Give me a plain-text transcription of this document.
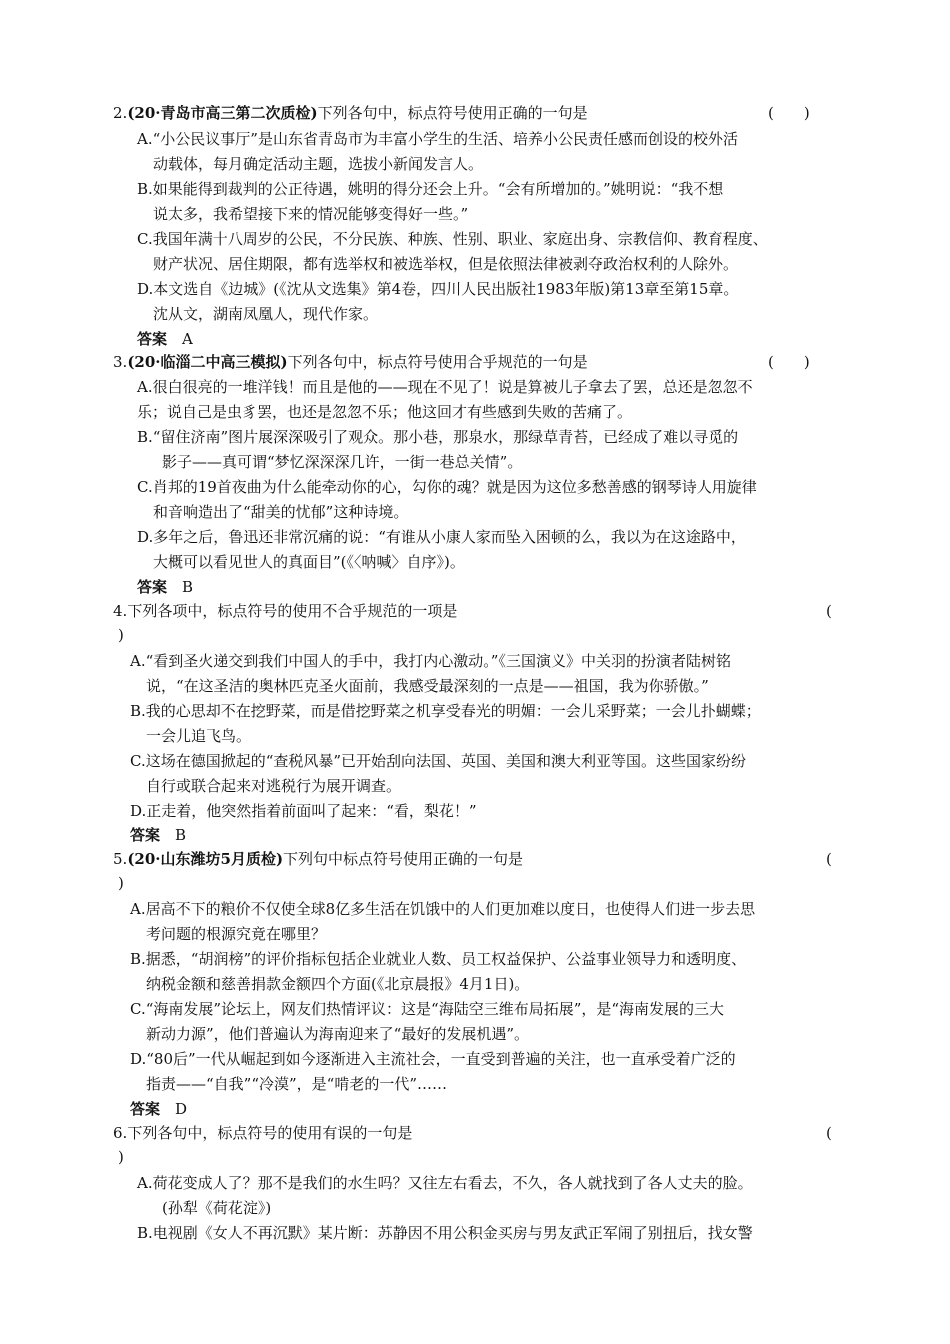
2.(20·青岛市高三第二次质检)下列各句中，标点符号使用正确的一句是	(　　)
A.“小公民议事厅”是山东省青岛市为丰富小学生的生活、培养小公民责任感而创设的校外活
动载体，每月确定活动主题，选拔小新闻发言人。
B.如果能得到裁判的公正待遇，姚明的得分还会上升。“会有所增加的。”姚明说：“我不想
说太多，我希望接下来的情况能够变得好一些。”
C.我国年满十八周岁的公民，不分民族、种族、性别、职业、家庭出身、宗教信仰、教育程度、
财产状况、居住期限，都有选举权和被选举权，但是依照法律被剥夺政治权利的人除外。
D.本文选自《边城》(《沈从文选集》第4卷，四川人民出版社1983年版)第13章至第15章。
沈从文，湖南凤凰人，现代作家。
答案　 A
3.(20·临淄二中高三模拟)下列各句中，标点符号使用合乎规范的一句是	(　　)
A.很白很亮的一堆洋钱！而且是他的——现在不见了！说是算被儿子拿去了罢，总还是忽忽不
乐；说自己是虫豸罢，也还是忽忽不乐；他这回才有些感到失败的苦痛了。
B.“留住济南”图片展深深吸引了观众。那小巷，那泉水，那绿草青苔，已经成了难以寻觅的
影子——真可谓“梦忆深深深几许，一街一巷总关情”。
C.肖邦的19首夜曲为什么能牵动你的心，勾你的魂？就是因为这位多愁善感的钢琴诗人用旋律
和音响造出了“甜美的忧郁”这种诗境。
D.多年之后，鲁迅还非常沉痛的说：“有谁从小康人家而坠入困顿的么，我以为在这途路中，
大概可以看见世人的真面目”(《〈呐喊〉自序》)。
答案　 B
4.下列各项中，标点符号的使用不合乎规范的一项是	(
)
A.“看到圣火递交到我们中国人的手中，我打内心激动。”《三国演义》中关羽的扮演者陆树铭
说，“在这圣洁的奥林匹克圣火面前，我感受最深刻的一点是——祖国，我为你骄傲。”
B.我的心思却不在挖野菜，而是借挖野菜之机享受春光的明媚：一会儿采野菜；一会儿扑蝴蝶；
一会儿追飞鸟。
C.这场在德国掀起的“查税风暴”已开始刮向法国、英国、美国和澳大利亚等国。这些国家纷纷
自行或联合起来对逃税行为展开调查。
D.正走着，他突然指着前面叫了起来：“看，梨花！”
答案　 B
5.(20·山东潍坊5月质检)下列句中标点符号使用正确的一句是	(
)
A.居高不下的粮价不仅使全球8亿多生活在饥饿中的人们更加难以度日，也使得人们进一步去思
考问题的根源究竟在哪里？
B.据悉，“胡润榜”的评价指标包括企业就业人数、员工权益保护、公益事业领导力和透明度、
纳税金额和慈善捐款金额四个方面(《北京晨报》4月1日)。
C.“海南发展”论坛上，网友们热情评议：这是“海陆空三维布局拓展”，是“海南发展的三大
新动力源”，他们普遍认为海南迎来了“最好的发展机遇”。
D.“80后”一代从崛起到如今逐渐进入主流社会，一直受到普遍的关注，也一直承受着广泛的
指责——“自我”“冷漠”，是“啃老的一代”……
答案　 D
6.下列各句中，标点符号的使用有误的一句是	(
)
A.荷花变成人了？那不是我们的水生吗？又往左右看去，不久，各人就找到了各人丈夫的脸。
(孙犁《荷花淀》)
B.电视剧《女人不再沉默》某片断：苏静因不用公积金买房与男友武正军闹了别扭后，找女警
